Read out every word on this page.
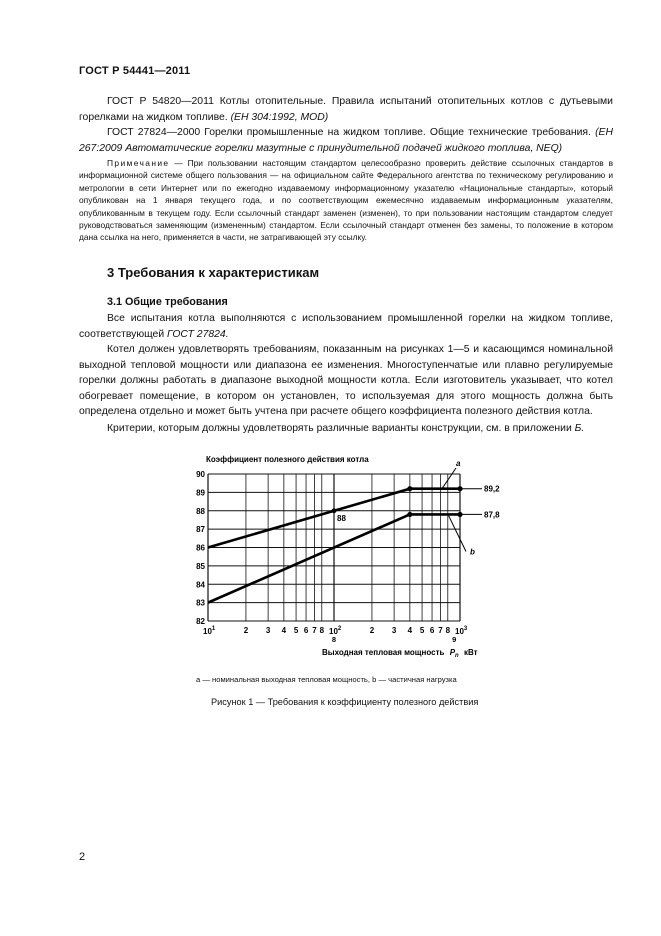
ГОСТ Р 54441—2011
ГОСТ Р 54820—2011 Котлы отопительные. Правила испытаний отопительных котлов с дутьевыми горелками на жидком топливе. (EH 304:1992, MOD)
ГОСТ 27824—2000 Горелки промышленные на жидком топливе. Общие технические требования. (EH 267:2009 Автоматические горелки мазутные с принудительной подачей жидкого топлива, NEQ)
Примечание — При пользовании настоящим стандартом целесообразно проверить действие ссылочных стандартов в информационной системе общего пользования — на официальном сайте Федерального агентства по техническому регулированию и метрологии в сети Интернет или по ежегодно издаваемому информационному указателю «Национальные стандарты», который опубликован на 1 января текущего года, и по соответствующим ежемесячно издаваемым информационным указателям, опубликованным в текущем году. Если ссылочный стандарт заменен (изменен), то при пользовании настоящим стандартом следует руководствоваться заменяющим (измененным) стандартом. Если ссылочный стандарт отменен без замены, то положение в котором дана ссылка на него, применяется в части, не затрагивающей эту ссылку.
3 Требования к характеристикам
3.1 Общие требования
Все испытания котла выполняются с использованием промышленной горелки на жидком топливе, соответствующей ГОСТ 27824.
Котел должен удовлетворять требованиям, показанным на рисунках 1—5 и касающимся номинальной выходной тепловой мощности или диапазона ее изменения. Многоступенчатые или плавно регулируемые горелки должны работать в диапазоне выходной мощности котла. Если изготовитель указывает, что котел обогревает помещение, в котором он установлен, то используемая для этого мощность должна быть определена отдельно и может быть учтена при расчете общего коэффициента полезного действия котла.
Критерии, которым должны удовлетворять различные варианты конструкции, см. в приложении Б.
Коэффициент полезного действия котла
90
89
88
87
86
85
84
83
82
$10^1$	$10^2$	$10^3$
2 3 4 5 6 7 8	2 3 4 5 6 7 8
8	9
89,2
87,8
88
a
b
Выходная тепловая мощность $P_n$ кВт
а — номинальная выходная тепловая мощность, b — частичная нагрузка
Рисунок 1 — Требования к коэффициенту полезного действия
2
